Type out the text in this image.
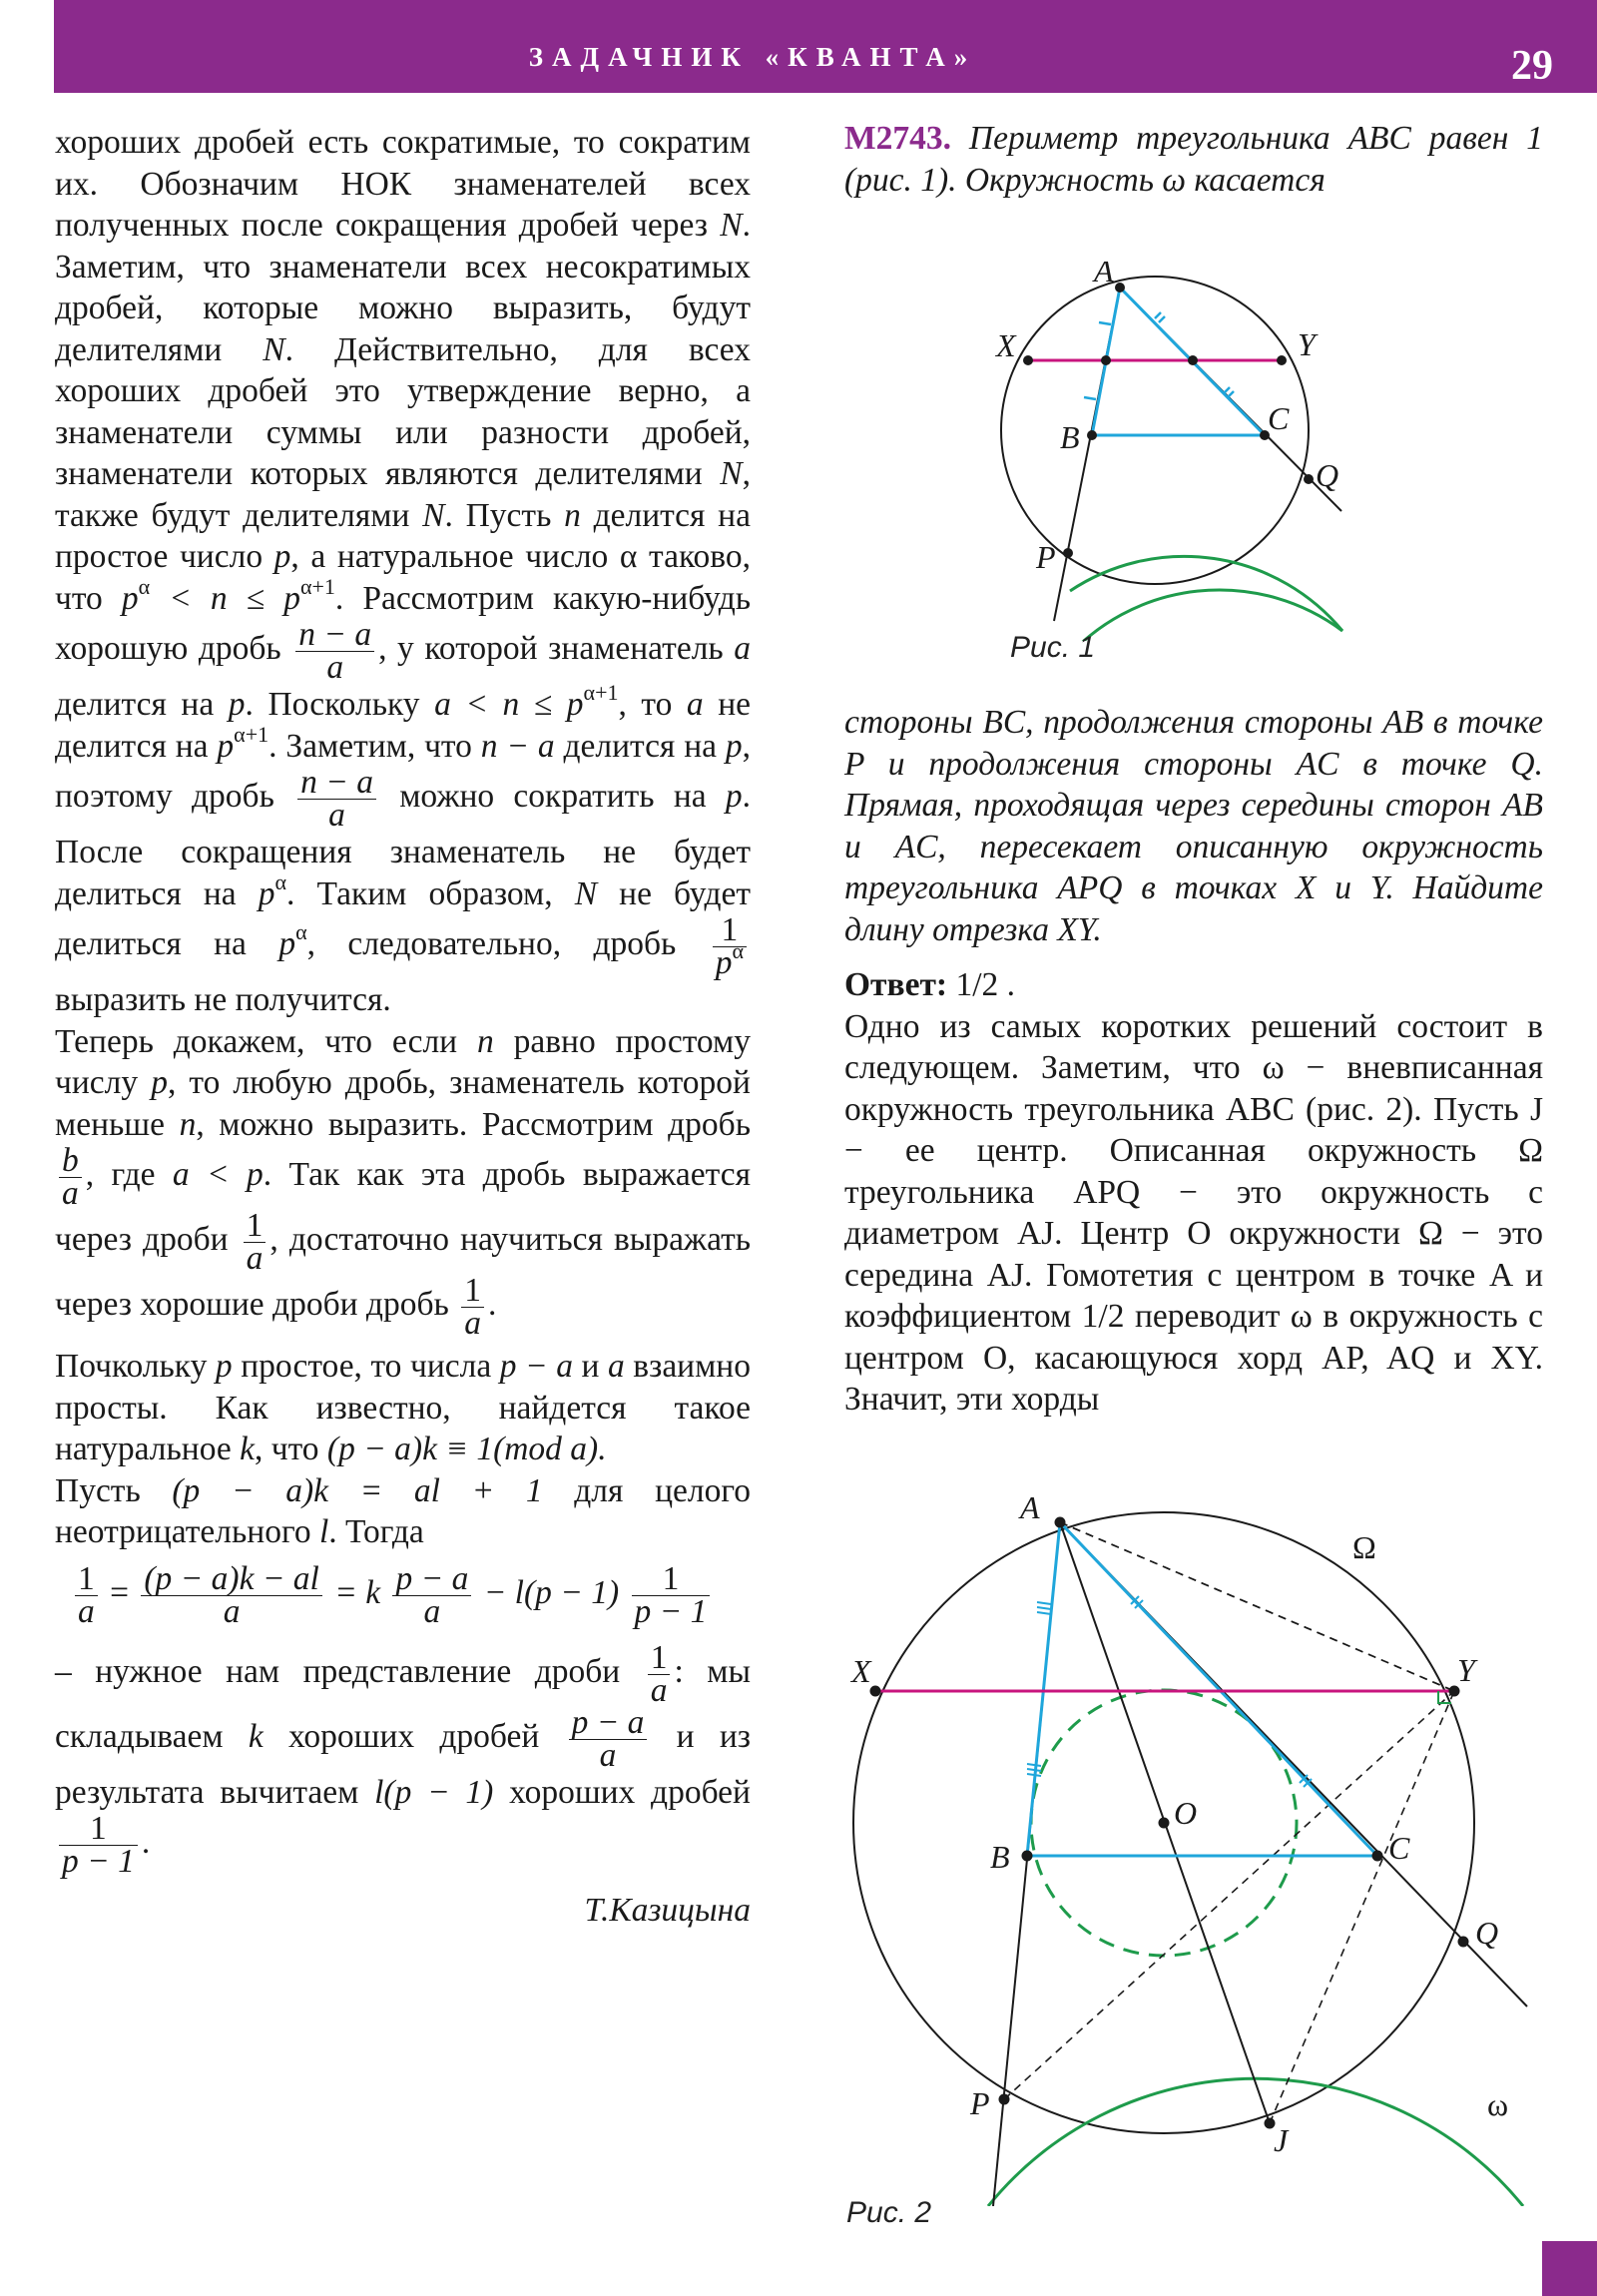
ЗАДАЧНИК «КВАНТА»	29

хороших дробей есть сократимые, то сократим их. Обозначим НОК знаменателей всех полученных после сокращения дробей через N. Заметим, что знаменатели всех несократимых дробей, которые можно выразить, будут делителями N. Действительно, для всех хороших дробей это утверждение верно, а знаменатели суммы или разности дробей, знаменатели которых являются делителями N, также будут делителями N. Пусть n делится на простое число p, а натуральное число α таково, что $p^\alpha < n \le p^{\alpha+1}$. Рассмотрим какую-нибудь хорошую дробь $\frac{n - a}{a}$ , у которой знаменатель a делится на p. Поскольку $a < n \le p^{\alpha+1}$, то a не делится на $p^{\alpha+1}$. Заметим, что n − a делится на p, поэтому дробь $\frac{n - a}{a}$ можно сократить на p. После сокращения знаменатель не будет делиться на $p^\alpha$. Таким образом, N не будет делиться на $p^\alpha$, следовательно, дробь $\frac{1}{p^\alpha}$
выразить не получится.

Теперь докажем, что если n равно простому числу p, то любую дробь, знаменатель которой меньше n, можно выразить. Рассмотрим дробь
$\frac{b}{a}$ , где a < p. Так как эта дробь выражается через дроби $\frac{1}{a}$ , достаточно научиться выражать через хорошие дроби дробь $\frac{1}{a}$ .

Почкольку p простое, то числа p − a и a взаимно просты. Как известно, найдется такое натуральное k, что (p − a)k ≡ 1(mod a).

Пусть (p − a)k = al + 1 для целого неотрицательного l. Тогда

$\frac{1}{a} = \frac{(p - a)k - al}{a} = k \frac{p - a}{a} - l(p - 1) \frac{1}{p - 1}$

– нужное нам представление дроби $\frac{1}{a}$ : мы складываем k хороших дробей $\frac{p - a}{a}$ и из результата вычитаем l(p − 1) хороших дробей
$\frac{1}{p - 1}$ .

Т.Казицына

М2743. Периметр треугольника ABC равен 1 (рис. 1). Окружность ω касается

A
B
C
X	Y
P
Q
Рис. 1

стороны BC, продолжения стороны AB в точке P и продолжения стороны AC в точке Q. Прямая, проходящая через середины сторон AB и AC, пересекает описанную окружность треугольника APQ в точках X и Y. Найдите длину отрезка XY.

Ответ: 1/2 .

Одно из самых коротких решений состоит в следующем. Заметим, что ω − вневписанная окружность треугольника ABC (рис. 2). Пусть J − ее центр. Описанная окружность Ω треугольника APQ − это окружность с диаметром AJ. Центр O окружности Ω − это середина AJ. Гомотетия с центром в точке A и коэффициентом 1/2 переводит ω в окружность с центром O, касающуюся хорд AP, AQ и XY. Значит, эти хорды

A
B	C
X	Y
O
Q
P
J
Ω
ω
Рис. 2
